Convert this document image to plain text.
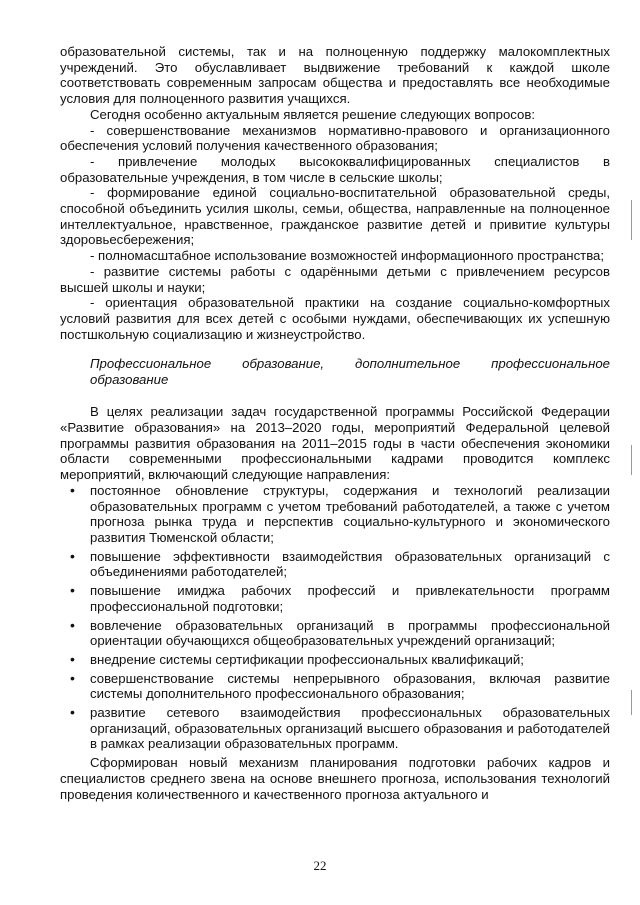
образовательной системы, так и на полноценную поддержку малокомплектных учреждений. Это обуславливает выдвижение требований к каждой школе соответствовать современным запросам общества и предоставлять все необходимые условия для полноценного развития учащихся.

Сегодня особенно актуальным является решение следующих вопросов:

- совершенствование механизмов нормативно-правового и организационного обеспечения условий получения качественного образования;

- привлечение молодых высококвалифицированных специалистов в образовательные учреждения, в том числе в сельские школы;

- формирование единой социально-воспитательной образовательной среды, способной объединить усилия школы, семьи, общества, направленные на полноценное интеллектуальное, нравственное, гражданское развитие детей и привитие культуры здоровьесбережения;

- полномасштабное использование возможностей информационного пространства;

- развитие системы работы с одарёнными детьми с привлечением ресурсов высшей школы и науки;

- ориентация образовательной практики на создание социально-комфортных условий развития для всех детей с особыми нуждами, обеспечивающих их успешную постшкольную социализацию и жизнеустройство.

Профессиональное образование, дополнительное профессиональное образование

В целях реализации задач государственной программы Российской Федерации «Развитие образования» на 2013–2020 годы, мероприятий Федеральной целевой программы развития образования на 2011–2015 годы в части обеспечения экономики области современными профессиональными кадрами проводится комплекс мероприятий, включающий следующие направления:

• постоянное обновление структуры, содержания и технологий реализации образовательных программ с учетом требований работодателей, а также с учетом прогноза рынка труда и перспектив социально-культурного и экономического развития Тюменской области;
• повышение эффективности взаимодействия образовательных организаций с объединениями работодателей;
• повышение имиджа рабочих профессий и привлекательности программ профессиональной подготовки;
• вовлечение образовательных организаций в программы профессиональной ориентации обучающихся общеобразовательных учреждений организаций;
• внедрение системы сертификации профессиональных квалификаций;
• совершенствование системы непрерывного образования, включая развитие системы дополнительного профессионального образования;
• развитие сетевого взаимодействия профессиональных образовательных организаций, образовательных организаций высшего образования и работодателей в рамках реализации образовательных программ.

Сформирован новый механизм планирования подготовки рабочих кадров и специалистов среднего звена на основе внешнего прогноза, использования технологий проведения количественного и качественного прогноза актуального и

22
